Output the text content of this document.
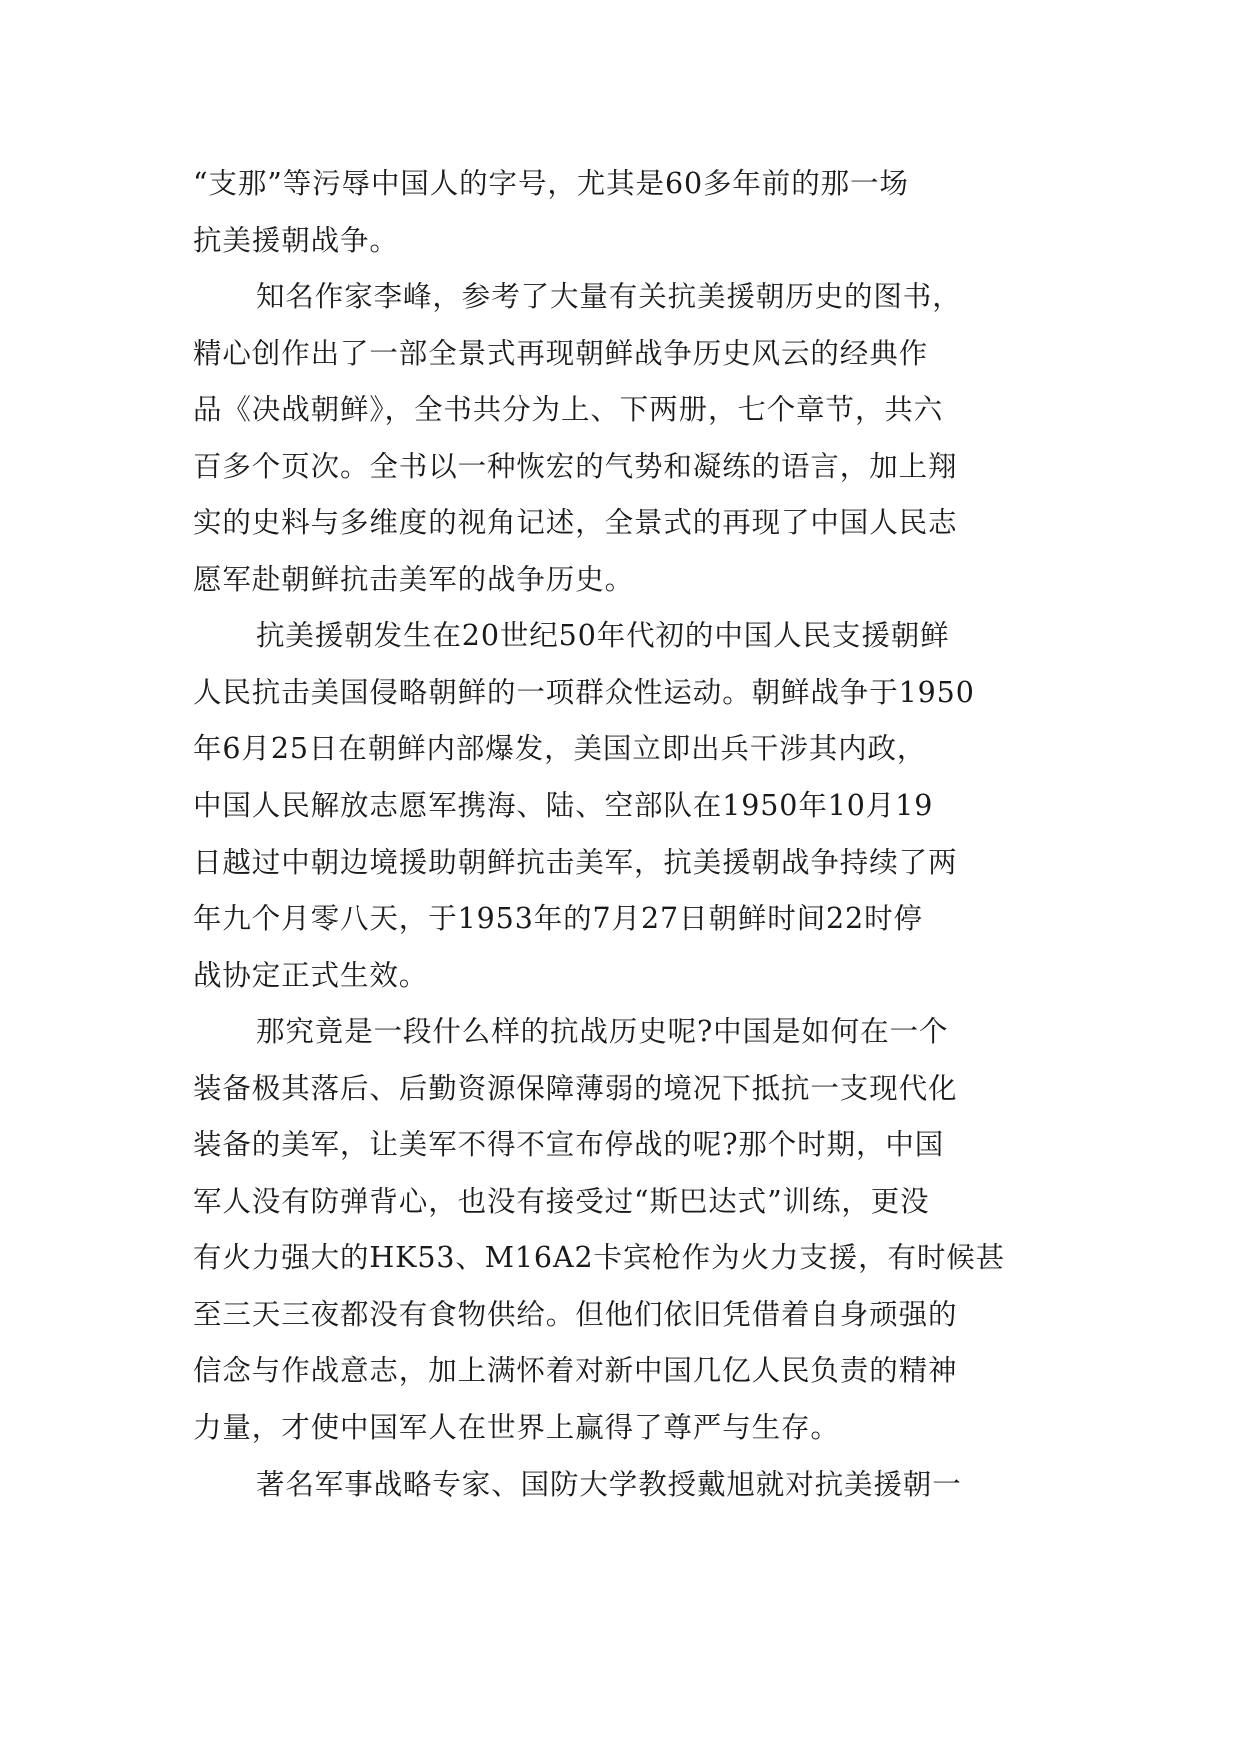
“支那”等污辱中国人的字号，尤其是60多年前的那一场
抗美援朝战争。
知名作家李峰，参考了大量有关抗美援朝历史的图书，
精心创作出了一部全景式再现朝鲜战争历史风云的经典作
品《决战朝鲜》，全书共分为上、下两册，七个章节，共六
百多个页次。全书以一种恢宏的气势和凝练的语言，加上翔
实的史料与多维度的视角记述，全景式的再现了中国人民志
愿军赴朝鲜抗击美军的战争历史。
抗美援朝发生在20世纪50年代初的中国人民支援朝鲜
人民抗击美国侵略朝鲜的一项群众性运动。朝鲜战争于1950
年6月25日在朝鲜内部爆发，美国立即出兵干涉其内政，
中国人民解放志愿军携海、陆、空部队在1950年10月19
日越过中朝边境援助朝鲜抗击美军，抗美援朝战争持续了两
年九个月零八天，于1953年的7月27日朝鲜时间22时停
战协定正式生效。
那究竟是一段什么样的抗战历史呢?中国是如何在一个
装备极其落后、后勤资源保障薄弱的境况下抵抗一支现代化
装备的美军，让美军不得不宣布停战的呢?那个时期，中国
军人没有防弹背心，也没有接受过“斯巴达式”训练，更没
有火力强大的HK53、M16A2卡宾枪作为火力支援，有时候甚
至三天三夜都没有食物供给。但他们依旧凭借着自身顽强的
信念与作战意志，加上满怀着对新中国几亿人民负责的精神
力量，才使中国军人在世界上赢得了尊严与生存。
著名军事战略专家、国防大学教授戴旭就对抗美援朝一
